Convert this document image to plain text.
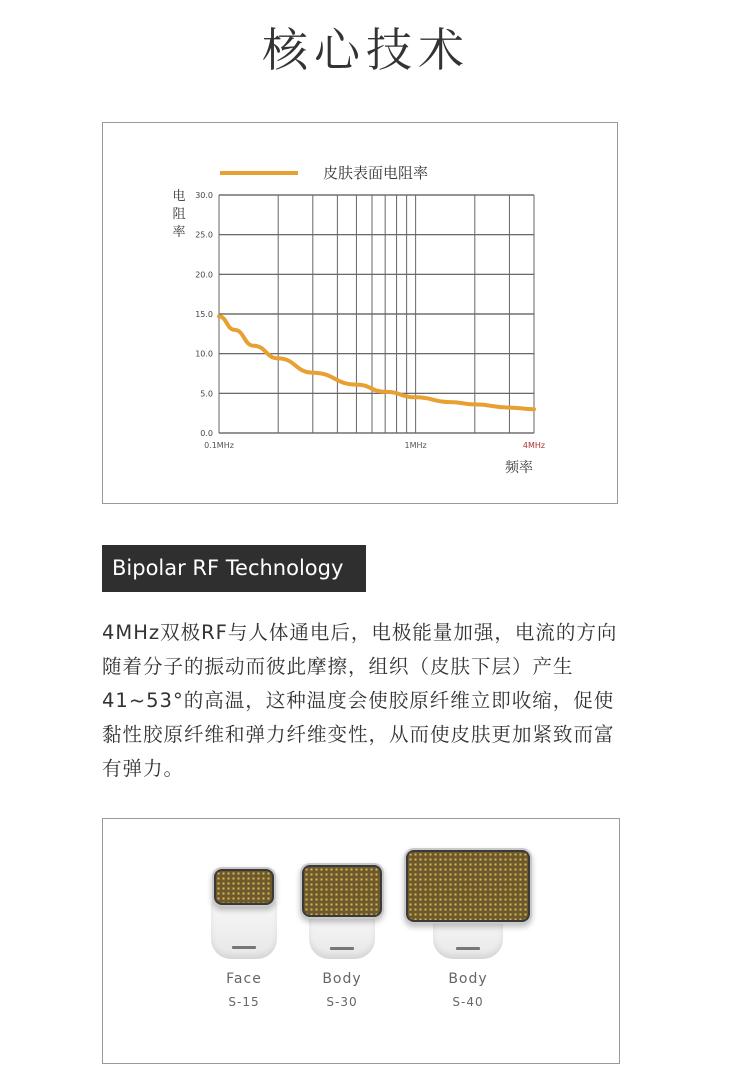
核心技术
0.0
5.0
10.0
15.0
20.0
25.0
30.0
0.1MHz	1MHz	4MHz
皮肤表面电阻率
电
阻
率
频率
Bipolar RF Technology
4MHz双极RF与人体通电后，电极能量加强，电流的方向随着分子的振动而彼此摩擦，组织（皮肤下层）产生41~53°的高温，这种温度会使胶原纤维立即收缩，促使黏性胶原纤维和弹力纤维变性，从而使皮肤更加紧致而富有弹力。
Face
S-15
Body
S-30
Body
S-40
